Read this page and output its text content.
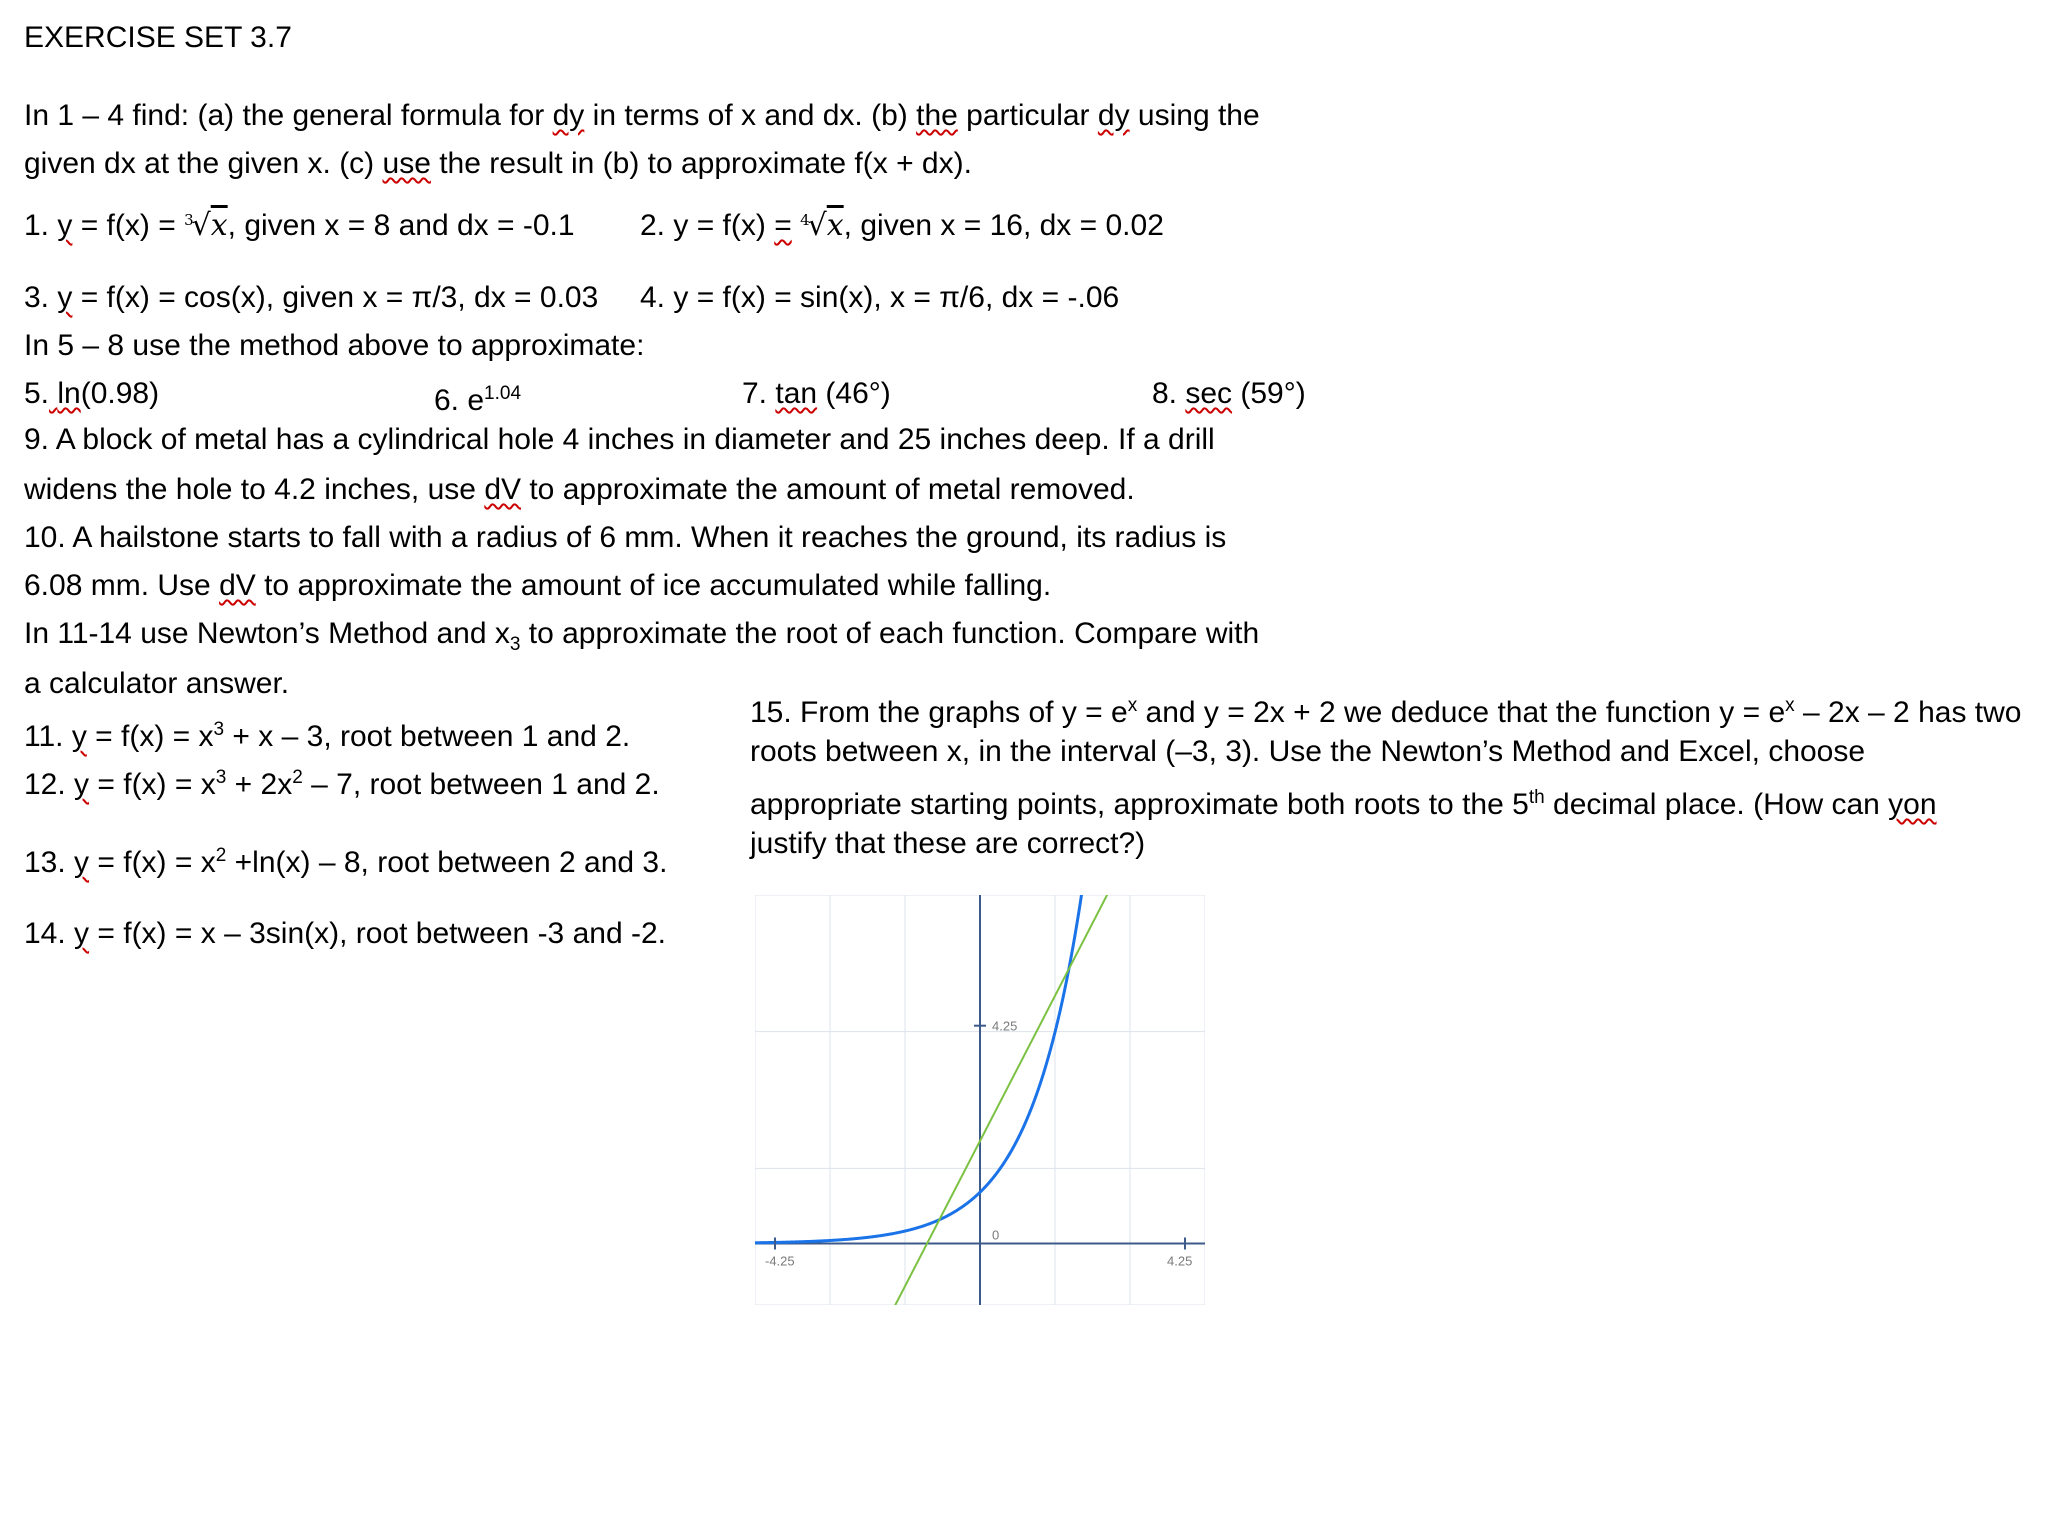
EXERCISE SET 3.7
In 1 – 4 find: (a) the general formula for dy in terms of x and dx. (b) the particular dy using the
given dx at the given x. (c) use the result in (b) to approximate f(x + dx).
1. y = f(x) = $^3$√x, given x = 8 and dx = -0.1 2. y = f(x) = $^4$√x, given x = 16, dx = 0.02
3. y = f(x) = cos(x), given x = π/3, dx = 0.03 4. y = f(x) = sin(x), x = π/6, dx = -.06
In 5 – 8 use the method above to approximate:
5. ln(0.98)	6. $e^{1.04}$	7. tan (46°)	8. sec (59°)
9. A block of metal has a cylindrical hole 4 inches in diameter and 25 inches deep. If a drill
widens the hole to 4.2 inches, use dV to approximate the amount of metal removed.
10. A hailstone starts to fall with a radius of 6 mm. When it reaches the ground, its radius is
6.08 mm. Use dV to approximate the amount of ice accumulated while falling.
In 11-14 use Newton’s Method and $x_3$ to approximate the root of each function. Compare with
a calculator answer.
11. $y = f(x) = x^3 + x - 3$, root between 1 and 2.
12. $y = f(x) = x^3 + 2x^2 - 7$, root between 1 and 2.
13. $y = f(x) = x^2 +\ln(x) - 8$, root between 2 and 3.
14. y = f(x) = x – 3sin(x), root between -3 and -2.
15. From the graphs of $y = e^x$ and y = 2x + 2 we deduce that the function $y = e^x - 2x - 2$ has two
roots between x, in the interval (–3, 3). Use the Newton’s Method and Excel, choose
appropriate starting points, approximate both roots to the 5th decimal place. (How can yon
justify that these are correct?)
-4.25	4.25
4.25
0
